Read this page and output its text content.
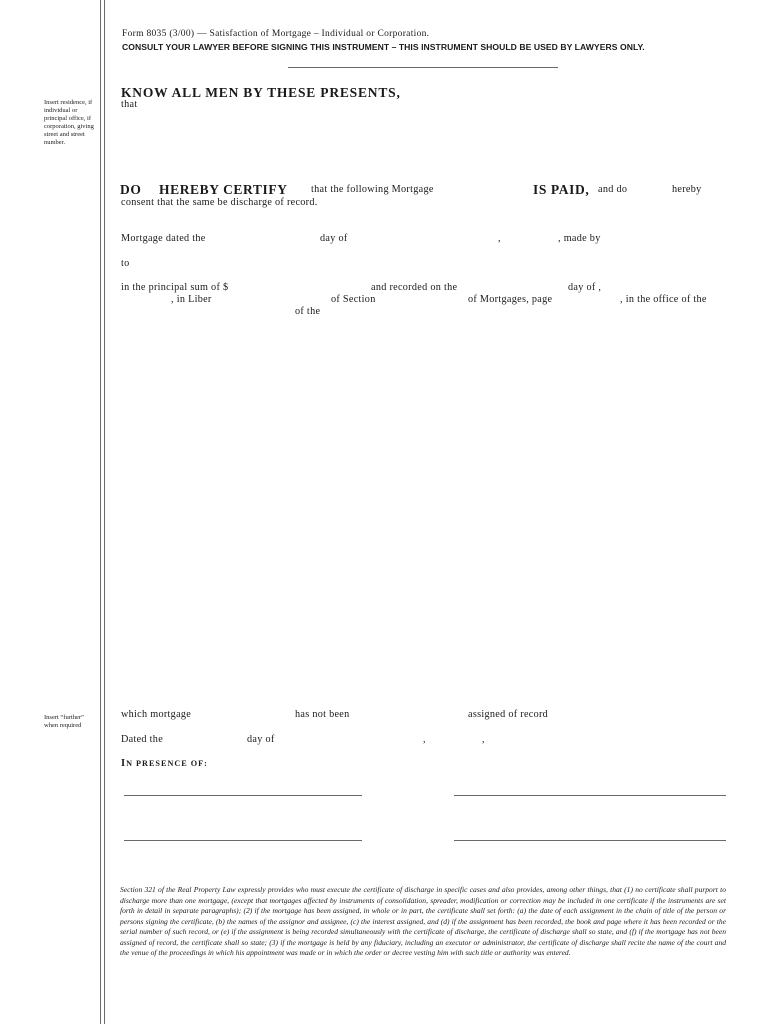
Form 8035 (3/00) — Satisfaction of Mortgage – Individual or Corporation.
CONSULT YOUR LAWYER BEFORE SIGNING THIS INSTRUMENT – THIS INSTRUMENT SHOULD BE USED BY LAWYERS ONLY.
Insert residence, if individual or principal office, if corporation, giving street and street number.
Insert “further” when required
KNOW ALL MEN BY THESE PRESENTS,
that
DO HEREBY CERTIFY that the following Mortgage	IS PAID, and do	hereby
consent that the same be discharge of record.
Mortgage dated the	day of	,	, made by
to
in the principal sum of $	and recorded on the	day of ,
, in Liber	of Section	of Mortgages, page	, in the office of the
of the
which mortgage	has not been	assigned of record
Dated the	day of	,	,
IN PRESENCE OF:
Section 321 of the Real Property Law expressly provides who must execute the certificate of discharge in specific cases and also provides, among other things, that (1) no certificate shall purport to discharge more than one mortgage, (except that mortgages affected by instruments of consolidation, spreader, modification or correction may be included in one certificate if the instruments are set forth in detail in separate paragraphs); (2) if the mortgage has been assigned, in whole or in part, the certificate shall set forth: (a) the date of each assignment in the chain of title of the person or persons signing the certificate, (b) the names of the assignor and assignee, (c) the interest assigned, and (d) if the assignment has been recorded, the book and page where it has been recorded or the serial number of such record, or (e) if the assignment is being recorded simultaneously with the certificate of discharge, the certificate of discharge shall so state, and (f) if the mortgage has not been assigned of record, the certificate shall so state; (3) if the mortgage is held by any fiduciary, including an executor or administrator, the certificate of discharge shall recite the name of the court and the venue of the proceedings in which his appointment was made or in which the order or decree vesting him with such title or authority was entered.
